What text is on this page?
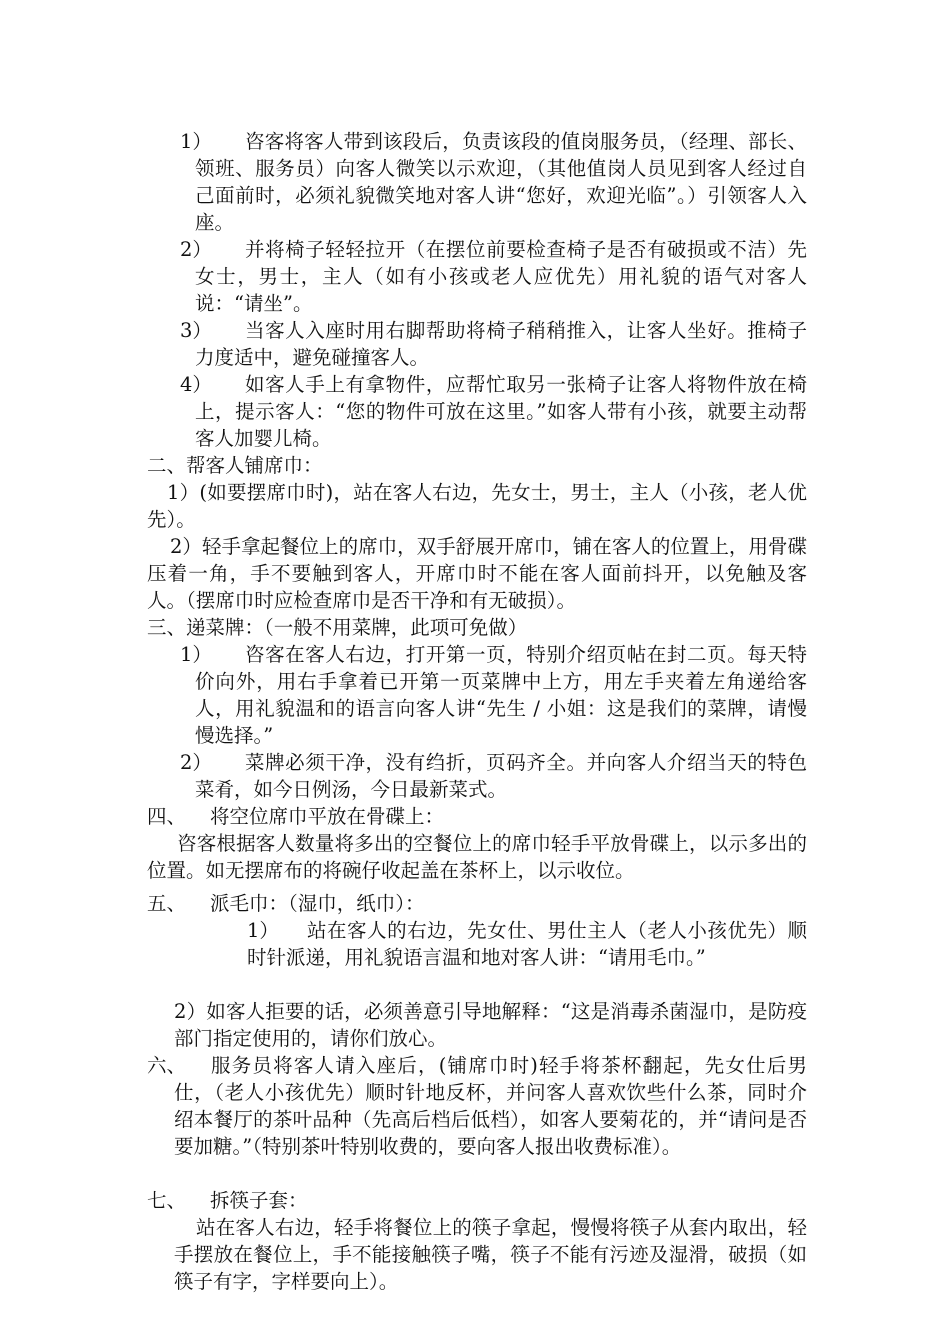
1）	咨客将客人带到该段后，负责该段的值岗服务员，（经理、部长、领班、服务员）向客人微笑以示欢迎，（其他值岗人员见到客人经过自己面前时，必须礼貌微笑地对客人讲“您好，欢迎光临”。）引领客人入座。
2）	并将椅子轻轻拉开（在摆位前要检查椅子是否有破损或不洁）先女士，男士，主人（如有小孩或老人应优先）用礼貌的语气对客人说：“请坐”。
3）	当客人入座时用右脚帮助将椅子稍稍推入，让客人坐好。推椅子力度适中，避免碰撞客人。
4）	如客人手上有拿物件，应帮忙取另一张椅子让客人将物件放在椅上，提示客人：“您的物件可放在这里。”如客人带有小孩，就要主动帮客人加婴儿椅。
二、帮客人铺席巾：
1）(如要摆席巾时)，站在客人右边，先女士，男士，主人（小孩，老人优先）。
2）轻手拿起餐位上的席巾，双手舒展开席巾，铺在客人的位置上，用骨碟压着一角，手不要触到客人，开席巾时不能在客人面前抖开，以免触及客人。（摆席巾时应检查席巾是否干净和有无破损）。
三、递菜牌：（一般不用菜牌，此项可免做）
1）	咨客在客人右边，打开第一页，特别介绍页帖在封二页。每天特价向外，用右手拿着已开第一页菜牌中上方，用左手夹着左角递给客人，用礼貌温和的语言向客人讲“先生 / 小姐：这是我们的菜牌，请慢慢选择。”
2）	菜牌必须干净，没有绉折，页码齐全。并向客人介绍当天的特色菜肴，如今日例汤，今日最新菜式。
四、 将空位席巾平放在骨碟上：
咨客根据客人数量将多出的空餐位上的席巾轻手平放骨碟上，以示多出的位置。如无摆席布的将碗仔收起盖在茶杯上，以示收位。
五、 派毛巾：（湿巾，纸巾）：
1）	站在客人的右边，先女仕、男仕主人（老人小孩优先）顺时针派递，用礼貌语言温和地对客人讲：“请用毛巾。”
2）如客人拒要的话，必须善意引导地解释：“这是消毒杀菌湿巾，是防疫部门指定使用的，请你们放心。
六、	服务员将客人请入座后，(铺席巾时)轻手将茶杯翻起，先女仕后男仕，（老人小孩优先）顺时针地反杯，并问客人喜欢饮些什么茶，同时介绍本餐厅的茶叶品种（先高后档后低档），如客人要菊花的，并“请问是否要加糖。”（特别茶叶特别收费的，要向客人报出收费标准）。
七、 拆筷子套：
站在客人右边，轻手将餐位上的筷子拿起，慢慢将筷子从套内取出，轻手摆放在餐位上，手不能接触筷子嘴，筷子不能有污迹及湿滑，破损（如筷子有字，字样要向上）。
